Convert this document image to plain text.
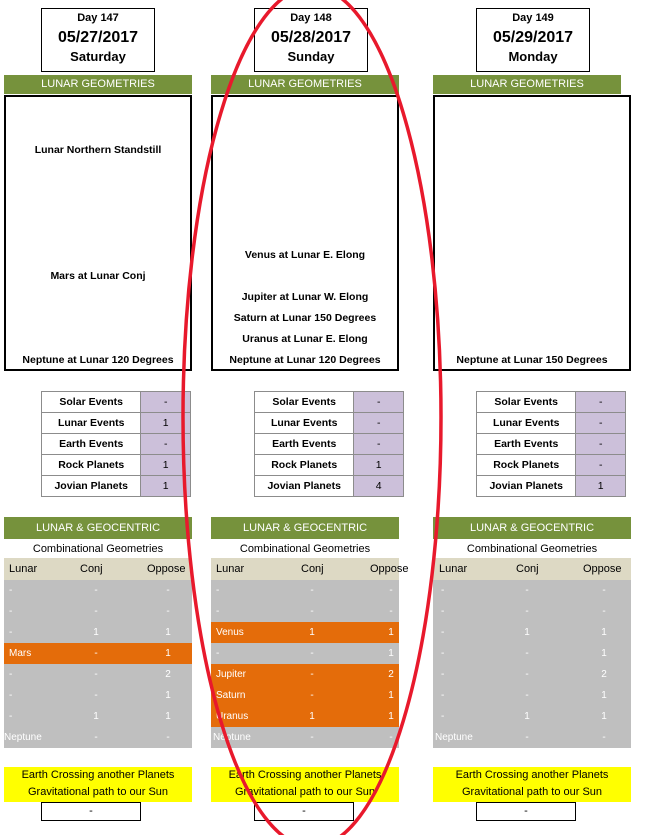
Day 147
05/27/2017
Saturday
LUNAR GEOMETRIES
Lunar Northern Standstill
Mars at Lunar Conj
Neptune at Lunar 120 Degrees
Solar Events	-
Lunar Events	1
Earth Events	-
Rock Planets	1
Jovian Planets	1
LUNAR & GEOCENTRIC
Combinational Geometries
Lunar	Conj	Oppose
-	-	-
-	-	-
-	1	1
Mars	-	1
-	-	2
-	-	1
-	1	1
Neptune	-	-
Earth Crossing another Planets
Gravitational path to our Sun
-
Day 148
05/28/2017
Sunday
LUNAR GEOMETRIES
Venus at Lunar E. Elong
Jupiter at Lunar W. Elong
Saturn at Lunar 150 Degrees
Uranus at Lunar E. Elong
Neptune at Lunar 120 Degrees
Solar Events	-
Lunar Events	-
Earth Events	-
Rock Planets	1
Jovian Planets	4
LUNAR & GEOCENTRIC
Combinational Geometries
Lunar	Conj	Oppose
-	-	-
-	-	-
Venus	1	1
-	-	1
Jupiter	-	2
Saturn	-	1
Uranus	1	1
Neptune	-	-
Earth Crossing another Planets
Gravitational path to our Sun
-
Day 149
05/29/2017
Monday
LUNAR GEOMETRIES
Neptune at Lunar 150 Degrees
Solar Events	-
Lunar Events	-
Earth Events	-
Rock Planets	-
Jovian Planets	1
LUNAR & GEOCENTRIC
Combinational Geometries
Lunar	Conj	Oppose
-	-	-
-	-	-
-	1	1
-	-	1
-	-	2
-	-	1
-	1	1
Neptune	-	-
Earth Crossing another Planets
Gravitational path to our Sun
-
